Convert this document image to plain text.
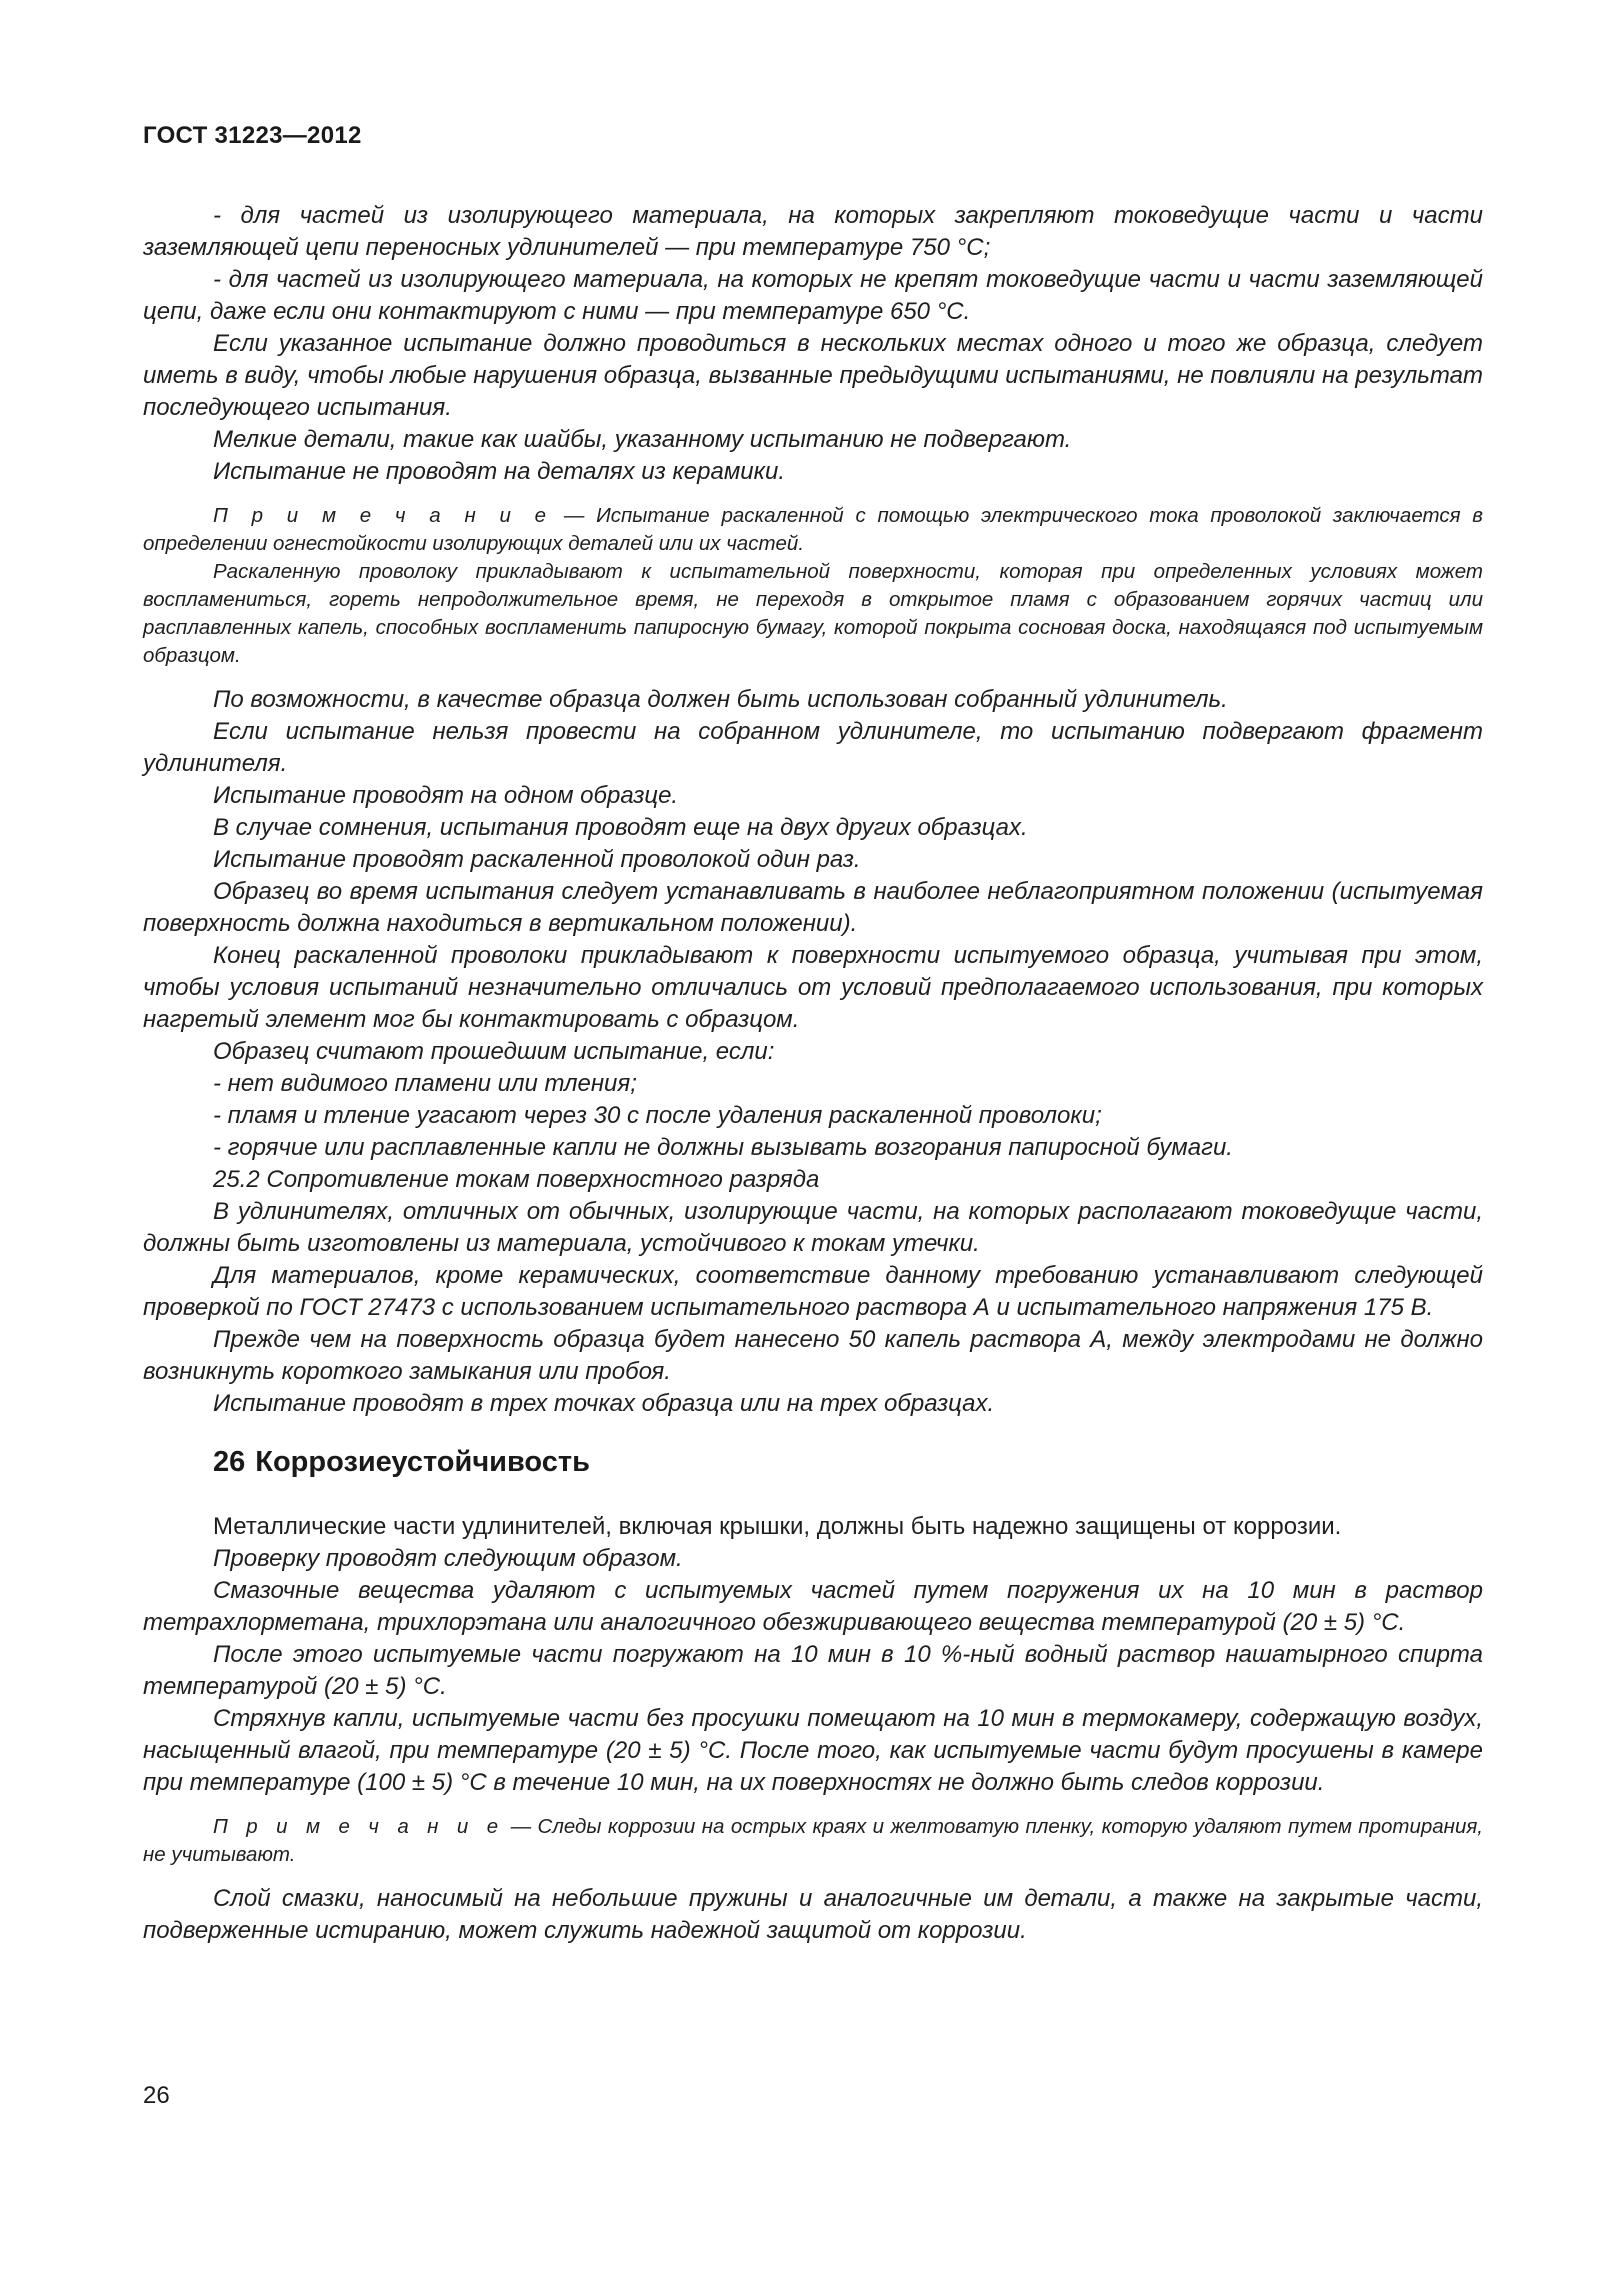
ГОСТ 31223—2012

- для частей из изолирующего материала, на которых закрепляют токоведущие части и части заземляющей цепи переносных удлинителей — при температуре 750 °С;

- для частей из изолирующего материала, на которых не крепят токоведущие части и части заземляющей цепи, даже если они контактируют с ними — при температуре 650 °С.

Если указанное испытание должно проводиться в нескольких местах одного и того же образца, следует иметь в виду, чтобы любые нарушения образца, вызванные предыдущими испытаниями, не повлияли на результат последующего испытания.

Мелкие детали, такие как шайбы, указанному испытанию не подвергают.

Испытание не проводят на деталях из керамики.

П р и м е ч а н и е — Испытание раскаленной с помощью электрического тока проволокой заключается в определении огнестойкости изолирующих деталей или их частей.

Раскаленную проволоку прикладывают к испытательной поверхности, которая при определенных условиях может воспламениться, гореть непродолжительное время, не переходя в открытое пламя с образованием горячих частиц или расплавленных капель, способных воспламенить папиросную бумагу, которой покрыта сосновая доска, находящаяся под испытуемым образцом.

По возможности, в качестве образца должен быть использован собранный удлинитель.

Если испытание нельзя провести на собранном удлинителе, то испытанию подвергают фрагмент удлинителя.

Испытание проводят на одном образце.

В случае сомнения, испытания проводят еще на двух других образцах.

Испытание проводят раскаленной проволокой один раз.

Образец во время испытания следует устанавливать в наиболее неблагоприятном положении (испытуемая поверхность должна находиться в вертикальном положении).

Конец раскаленной проволоки прикладывают к поверхности испытуемого образца, учитывая при этом, чтобы условия испытаний незначительно отличались от условий предполагаемого использования, при которых нагретый элемент мог бы контактировать с образцом.

Образец считают прошедшим испытание, если:

- нет видимого пламени или тления;

- пламя и тление угасают через 30 с после удаления раскаленной проволоки;

- горячие или расплавленные капли не должны вызывать возгорания папиросной бумаги.

25.2 Сопротивление токам поверхностного разряда

В удлинителях, отличных от обычных, изолирующие части, на которых располагают токоведущие части, должны быть изготовлены из материала, устойчивого к токам утечки.

Для материалов, кроме керамических, соответствие данному требованию устанавливают следующей проверкой по ГОСТ 27473 с использованием испытательного раствора А и испытательного напряжения 175 В.

Прежде чем на поверхность образца будет нанесено 50 капель раствора А, между электродами не должно возникнуть короткого замыкания или пробоя.

Испытание проводят в трех точках образца или на трех образцах.

26 Коррозиеустойчивость

Металлические части удлинителей, включая крышки, должны быть надежно защищены от коррозии.

Проверку проводят следующим образом.

Смазочные вещества удаляют с испытуемых частей путем погружения их на 10 мин в раствор тетрахлорметана, трихлорэтана или аналогичного обезжиривающего вещества температурой (20 ± 5) °С.

После этого испытуемые части погружают на 10 мин в 10 %-ный водный раствор нашатырного спирта температурой (20 ± 5) °С.

Стряхнув капли, испытуемые части без просушки помещают на 10 мин в термокамеру, содержащую воздух, насыщенный влагой, при температуре (20 ± 5) °С. После того, как испытуемые части будут просушены в камере при температуре (100 ± 5) °С в течение 10 мин, на их поверхностях не должно быть следов коррозии.

П р и м е ч а н и е — Следы коррозии на острых краях и желтоватую пленку, которую удаляют путем протирания, не учитывают.

Слой смазки, наносимый на небольшие пружины и аналогичные им детали, а также на закрытые части, подверженные истиранию, может служить надежной защитой от коррозии.

26
